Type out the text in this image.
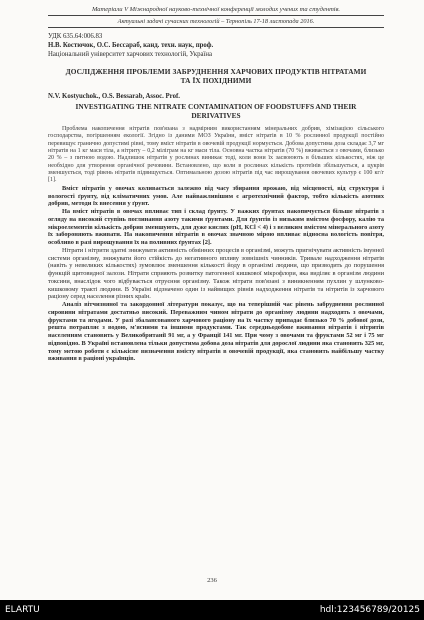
Матеріали V Міжнародної науково-технічної конференції молодих учених та студентів.
Актуальні задачі сучасних технологій – Тернопіль 17-18 листопада 2016.
УДК 635.64:006.83
Н.В. Костючок, О.С. Бессараб, канд. техн. наук, проф.
Національний університет харчових технологій, Україна
ДОСЛІДЖЕННЯ ПРОБЛЕМИ ЗАБРУДНЕННЯ ХАРЧОВИХ ПРОДУКТІВ НІТРАТАМИ ТА ЇХ ПОХІДНИМИ
N.V. Kostyuchok., O.S. Bessarab, Assoc. Prof.
INVESTIGATING THE NITRATE CONTAMINATION OF FOODSTUFFS AND THEIR DERIVATIVES

Проблема накопичення нітратів пов'язана з надмірним використанням мінеральних добрив, хімізацією сільського господарства, погіршенням екології. Згідно із даними МОЗ України, вміст нітратів в 10 % рослинної продукції постійно перевищує гранично допустимі рівні, тому вміст нітратів в овочевій продукції нормується. Добова допустима доза складає 3,7 мг нітратів на 1 кг маси тіла, а нітриту – 0,2 міліграм на кг маси тіла. Основна частка нітратів (70 %) вживається з овочами, близько 20 % – з питною водою. Надлишок нітратів у рослинах виникає тоді, коли вони їх засвоюють в більших кількостях, ніж це необхідно для утворення органічної речовини. Встановлено, що коли в рослинах кількість протеїнів збільшується, а цукрів зменшується, тоді рівень нітратів підвищується. Оптимальною дозою нітратів під час вирощування овочевих культур є 100 кг/г [1].

Вміст нітратів у овочах коливається залежно від часу збирання врожаю, від місцевості, від структури і вологості ґрунту, від кліматичних умов. Але найважливішим є агротехнічний фактор, тобто кількість азотних добрив, методи їх внесення у ґрунт.

На вміст нітратів в овочах впливає тип і склад ґрунту. У важких ґрунтах накопичується більше нітратів з огляду на високий ступінь поглинання азоту такими ґрунтами. Для ґрунтів із низьким вмістом фосфору, калію та мікроелементів кількість добрив зменшують, для дуже кислих (pH, KCl < 4) і з великим вмістом мінерального азоту їх забороняють вживати. На накопичення нітратів в овочах значною мірою впливає відносна вологість повітря, особливо в разі вирощування їх на поливних ґрунтах [2].

Нітрати і нітрити здатні знижувати активність обмінних процесів в організмі, можуть пригнічувати активність імунної системи організму, знижувати його стійкість до негативного впливу зовнішніх чинників. Тривале надходження нітратів (навіть у невеликих кількостях) зумовлює зменшення кількості йоду в організмі людини, що призводить до порушення функцій щитовидної залози. Нітрати сприяють розвитку патогенної кишкової мікрофлори, яка виділяє в організм людини токсини, внаслідок чого відбувається отруєння організму. Також нітрати пов'язані з виникненням пухлин у шлунково-кишковому тракті людини. В Україні відзначено один із найвищих рівнів надходження нітратів та нітритів із харчового раціону серед населення різних країн.

Аналіз вітчизняної та закордонної літератури показує, що на теперішній час рівень забруднення рослинної сировини нітратами достатньо високий. Переважним чином нітрати до організму людини надходять з овочами, фруктами та ягодами. У разі збалансованого харчового раціону на їх частку припадає близько 70 % добової дози, решта потрапляє з водою, м'ясними та іншими продуктами. Так середньодобове вживання нітратів і нітритів населенням становить у Великобританії 91 мг, а у Франції 141 мг. При чому з овочами та фруктами 52 мг і 75 мг відповідно. В Україні встановлена тільки допустима добова доза нітратів для дорослої людини яка становить 325 мг, тому метою роботи є кількісне визначення вмісту нітратів в овочевій продукції, яка становить найбільшу частку вживання в раціоні українців.

236
ELARTU	hdl:123456789/20125
